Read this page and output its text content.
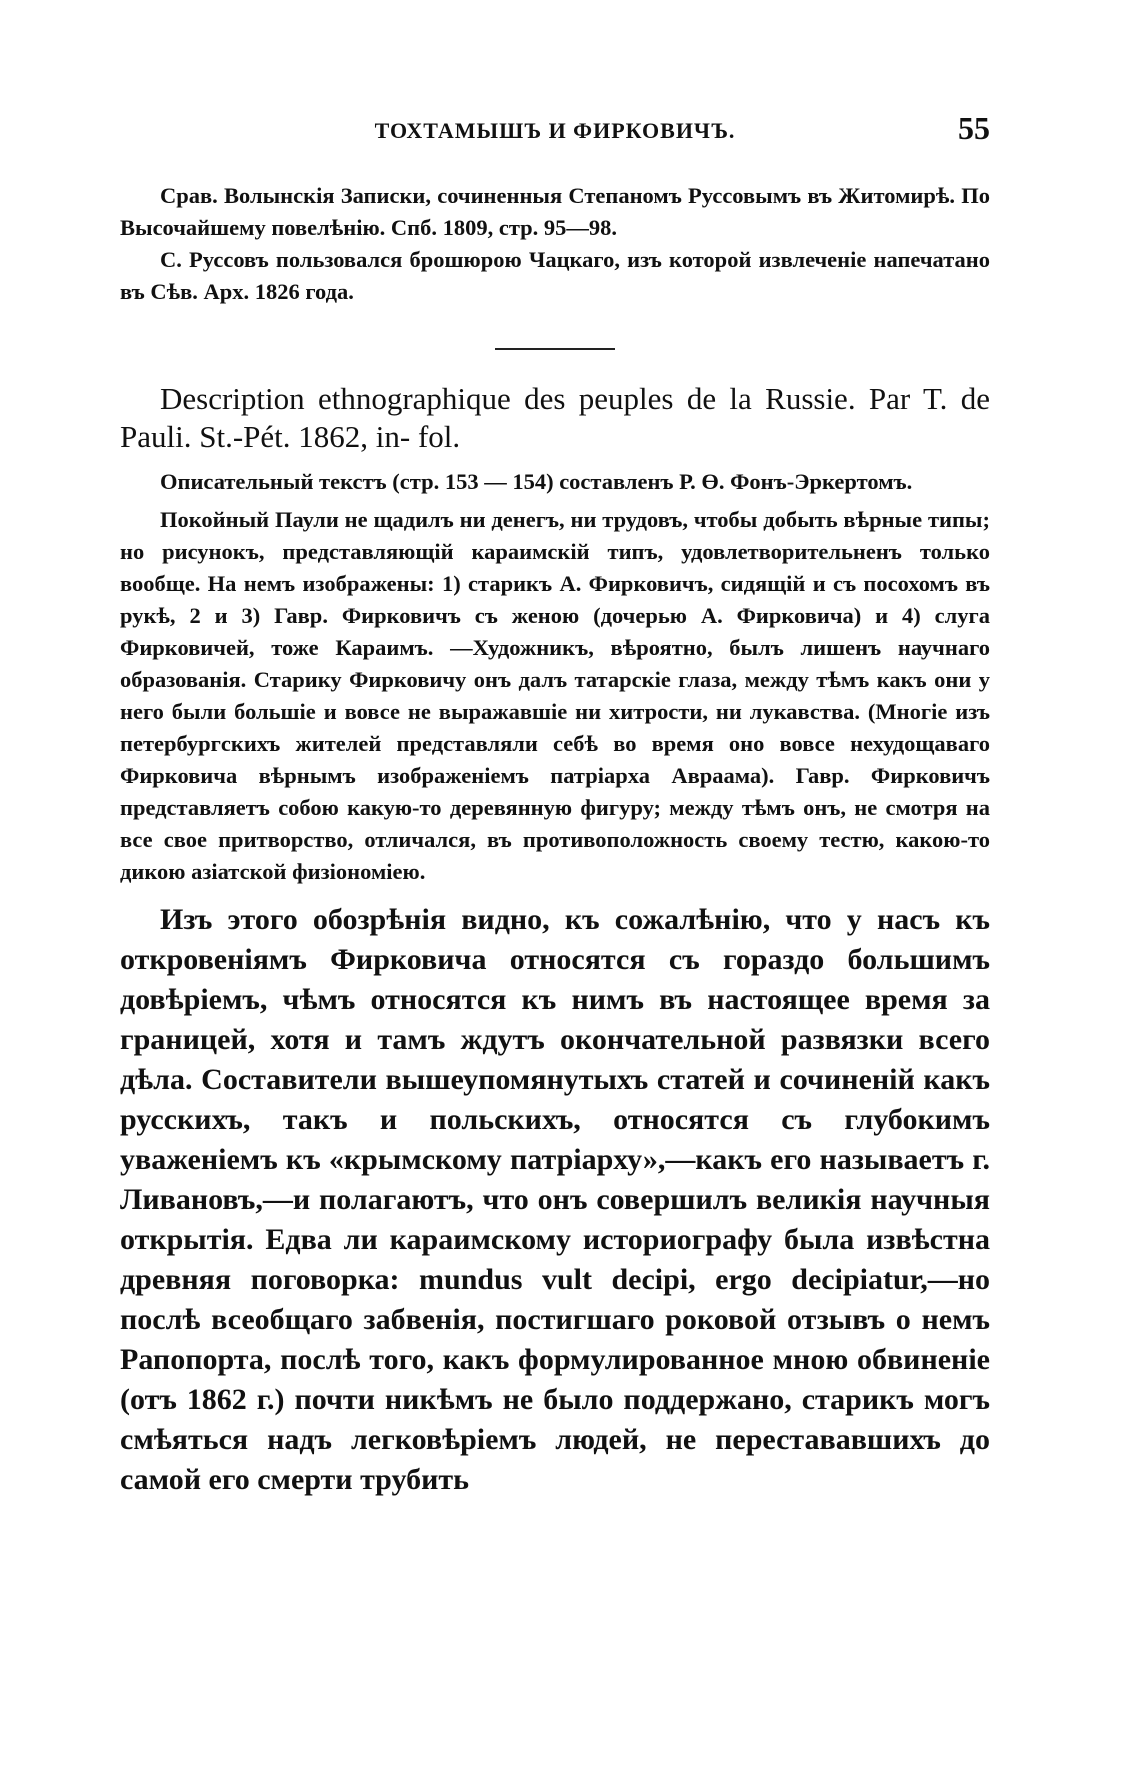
ТОХТАМЫШЪ И ФИРКОВИЧЪ.	55

Срав. Волынскія Записки, сочиненныя Степаномъ Руссовымъ въ Житомирѣ. По Высочайшему повелѣнію. Спб. 1809, стр. 95—98.

С. Руссовъ пользовался брошюрою Чацкаго, изъ которой извлеченіе напечатано въ Сѣв. Арх. 1826 года.

Description ethnographique des peuples de la Russie. Par T. de Pauli. St.-Pét. 1862, in- fol.

Описательный текстъ (стр. 153 — 154) составленъ Р. Ө. Фонъ-Эркертомъ.

Покойный Паули не щадилъ ни денегъ, ни трудовъ, чтобы добыть вѣрные типы; но рисунокъ, представляющій караимскій типъ, удовлетворительненъ только вообще. На немъ изображены: 1) старикъ А. Фирковичъ, сидящій и съ посохомъ въ рукѣ, 2 и 3) Гавр. Фирковичъ съ женою (дочерью А. Фирковича) и 4) слуга Фирковичей, тоже Караимъ. —Художникъ, вѣроятно, былъ лишенъ научнаго образованія. Старику Фирковичу онъ далъ татарскіе глаза, между тѣмъ какъ они у него были большіе и вовсе не выражавшіе ни хитрости, ни лукавства. (Многіе изъ петербургскихъ жителей представляли себѣ во время оно вовсе нехудощаваго Фирковича вѣрнымъ изображеніемъ патріарха Авраама). Гавр. Фирковичъ представляетъ собою какую-то деревянную фигуру; между тѣмъ онъ, не смотря на все свое притворство, отличался, въ противоположность своему тестю, какою-то дикою азіатской физіономіею.

Изъ этого обозрѣнія видно, къ сожалѣнію, что у насъ къ откровеніямъ Фирковича относятся съ гораздо большимъ довѣріемъ, чѣмъ относятся къ нимъ въ настоящее время за границей, хотя и тамъ ждутъ окончательной развязки всего дѣла. Составители вышеупомянутыхъ статей и сочиненій какъ русскихъ, такъ и польскихъ, относятся съ глубокимъ уваженіемъ къ «крымскому патріарху»,—какъ его называетъ г. Ливановъ,—и полагаютъ, что онъ совершилъ великія научныя открытія. Едва ли караимскому историографу была извѣстна древняя поговорка: mundus vult decipi, ergo decipiatur,—но послѣ всеобщаго забвенія, постигшаго роковой отзывъ о немъ Рапопорта, послѣ того, какъ формулированное мною обвиненіе (отъ 1862 г.) почти никѣмъ не было поддержано, старикъ могъ смѣяться надъ легковѣріемъ людей, не перестававшихъ до самой его смерти трубить
